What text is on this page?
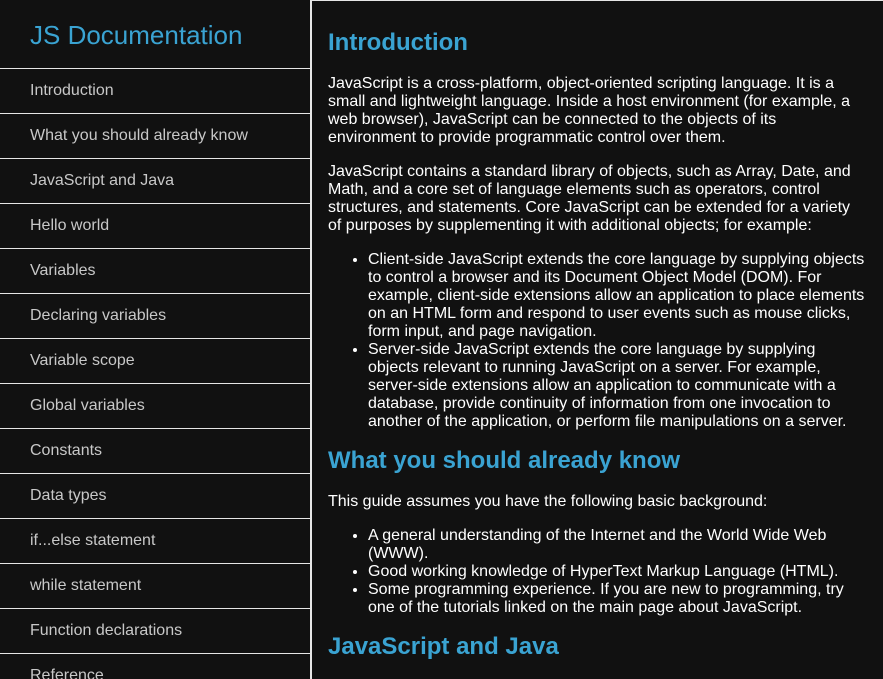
JS Documentation
Introduction
What you should already know
JavaScript and Java
Hello world
Variables
Declaring variables
Variable scope
Global variables
Constants
Data types
if...else statement
while statement
Function declarations
Reference
Introduction

JavaScript is a cross-platform, object-oriented scripting language. It is a small and lightweight language. Inside a host environment (for example, a web browser), JavaScript can be connected to the objects of its environment to provide programmatic control over them.

JavaScript contains a standard library of objects, such as Array, Date, and Math, and a core set of language elements such as operators, control structures, and statements. Core JavaScript can be extended for a variety of purposes by supplementing it with additional objects; for example:

• Client-side JavaScript extends the core language by supplying objects to control a browser and its Document Object Model (DOM). For example, client-side extensions allow an application to place elements on an HTML form and respond to user events such as mouse clicks, form input, and page navigation.
• Server-side JavaScript extends the core language by supplying objects relevant to running JavaScript on a server. For example, server-side extensions allow an application to communicate with a database, provide continuity of information from one invocation to another of the application, or perform file manipulations on a server.
What you should already know

This guide assumes you have the following basic background:

• A general understanding of the Internet and the World Wide Web (WWW).
• Good working knowledge of HyperText Markup Language (HTML).
• Some programming experience. If you are new to programming, try one of the tutorials linked on the main page about JavaScript.
JavaScript and Java
